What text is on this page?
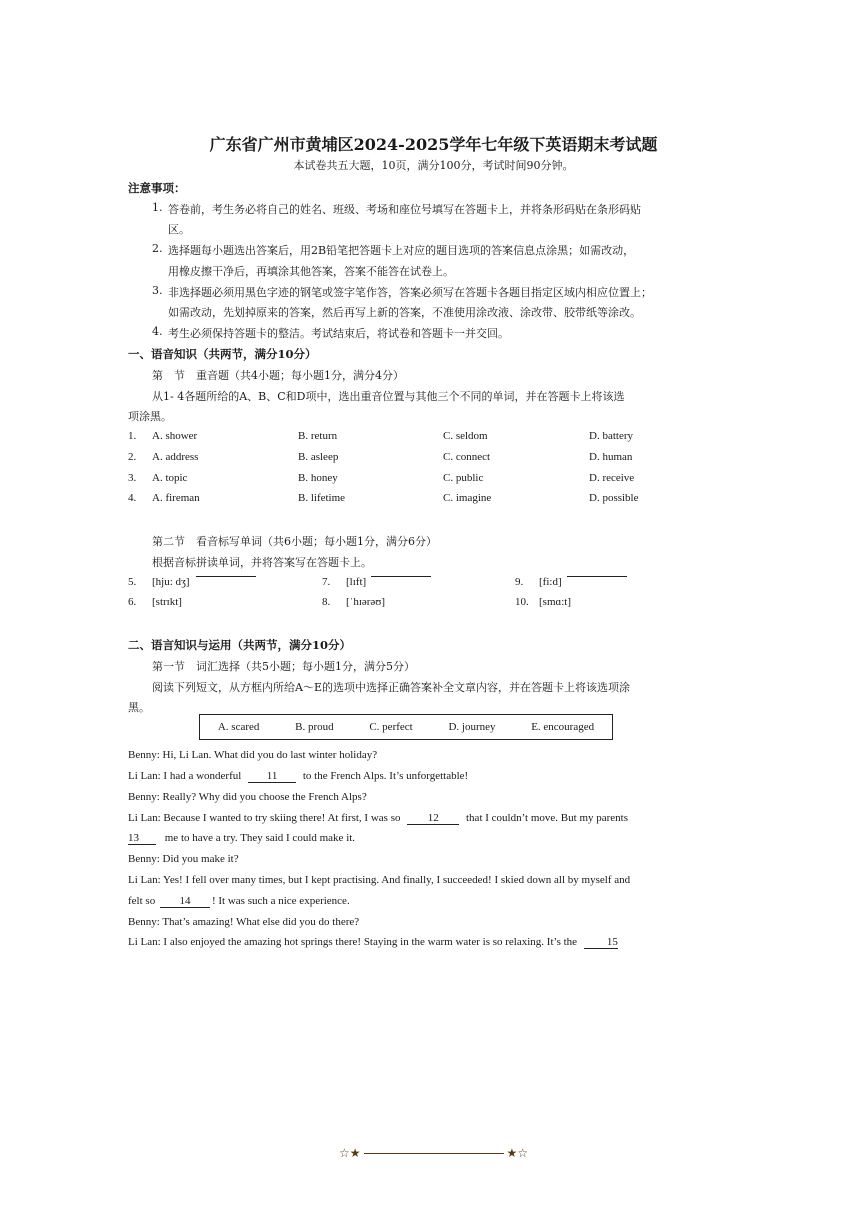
广东省广州市黄埔区2024-2025学年七年级下英语期末考试题
本试卷共五大题，10页，满分100分，考试时间90分钟。
注意事项：
1. 答卷前，考生务必将自己的姓名、班级、考场和座位号填写在答题卡上，并将条形码贴在条形码贴
区。
2. 选择题每小题选出答案后，用2B铅笔把答题卡上对应的题目选项的答案信息点涂黑；如需改动，
用橡皮擦干净后，再填涂其他答案，答案不能答在试卷上。
3. 非选择题必须用黑色字迹的钢笔或签字笔作答，答案必须写在答题卡各题目指定区域内相应位置上；
如需改动，先划掉原来的答案，然后再写上新的答案，不准使用涂改液、涂改带、胶带纸等涂改。
4. 考生必须保持答题卡的整洁。考试结束后，将试卷和答题卡一并交回。
一、语音知识（共两节，满分10分）
第　节　重音题（共4小题；每小题1分，满分4分）
从1- 4各题所给的A、B、C和D项中，选出重音位置与其他三个不同的单词，并在答题卡上将该选
项涂黑。
1. A. shower	B. return	C. seldom	D. battery
2. A. address	B. asleep	C. connect	D. human
3. A. topic	B. honey	C. public	D. receive
4. A. fireman	B. lifetime	C. imagine	D. possible
第二节　看音标写单词（共6小题；每小题1分，满分6分）
根据音标拼读单词，并将答案写在答题卡上。
5. [hju: dʒ]	7. [lɪft]	9. [fi:d]
6. [strɪkt]	8. [ˈhɪərəʊ]	10. [smɑ:t]
二、语言知识与运用（共两节，满分10分）
第一节　词汇选择（共5小题；每小题1分，满分5分）
阅读下列短文，从方框内所给A～E的选项中选择正确答案补全文章内容，并在答题卡上将该选项涂
黑。
A. scared	B. proud	C. perfect	D. journey	E. encouraged
Benny: Hi, Li Lan. What did you do last winter holiday?
Li Lan: I had a wonderful 11 to the French Alps. It’s unforgettable!
Benny: Really? Why did you choose the French Alps?
Li Lan: Because I wanted to try skiing there! At first, I was so 12 that I couldn’t move. But my parents
13 me to have a try. They said I could make it.
Benny: Did you make it?
Li Lan: Yes! I fell over many times, but I kept practising. And finally, I succeeded! I skied down all by myself and
felt so 14 ! It was such a nice experience.
Benny: That’s amazing! What else did you do there?
Li Lan: I also enjoyed the amazing hot springs there! Staying in the warm water is so relaxing. It’s the 15
☆★	★☆
